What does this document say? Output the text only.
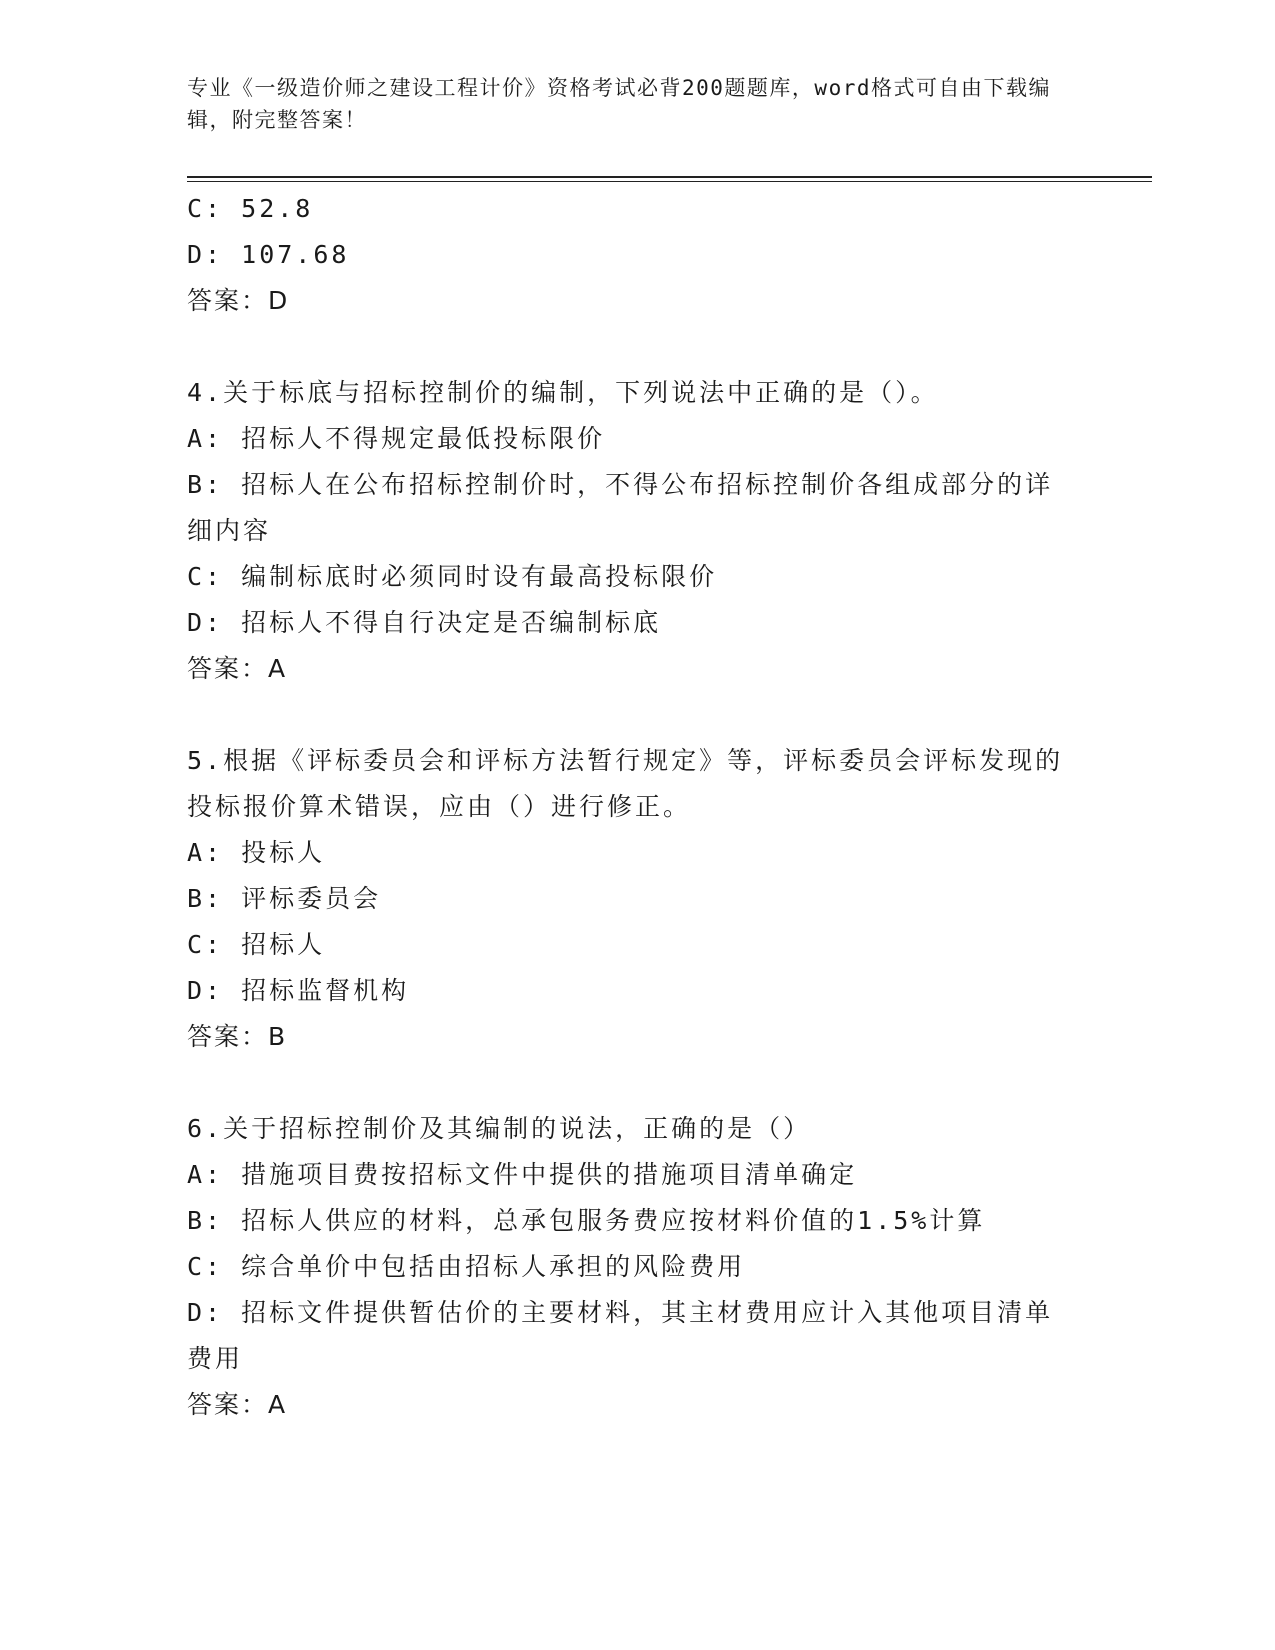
专业《一级造价师之建设工程计价》资格考试必背200题题库，word格式可自由下载编辑，附完整答案！
C: 52.8
D: 107.68
答案：D
4.关于标底与招标控制价的编制，下列说法中正确的是（）。
A: 招标人不得规定最低投标限价
B: 招标人在公布招标控制价时，不得公布招标控制价各组成部分的详细内容
C: 编制标底时必须同时设有最高投标限价
D: 招标人不得自行决定是否编制标底
答案：A
5.根据《评标委员会和评标方法暂行规定》等，评标委员会评标发现的投标报价算术错误，应由（）进行修正。
A: 投标人
B: 评标委员会
C: 招标人
D: 招标监督机构
答案：B
6.关于招标控制价及其编制的说法，正确的是（）
A: 措施项目费按招标文件中提供的措施项目清单确定
B: 招标人供应的材料，总承包服务费应按材料价值的1.5%计算
C: 综合单价中包括由招标人承担的风险费用
D: 招标文件提供暂估价的主要材料，其主材费用应计入其他项目清单费用
答案：A
